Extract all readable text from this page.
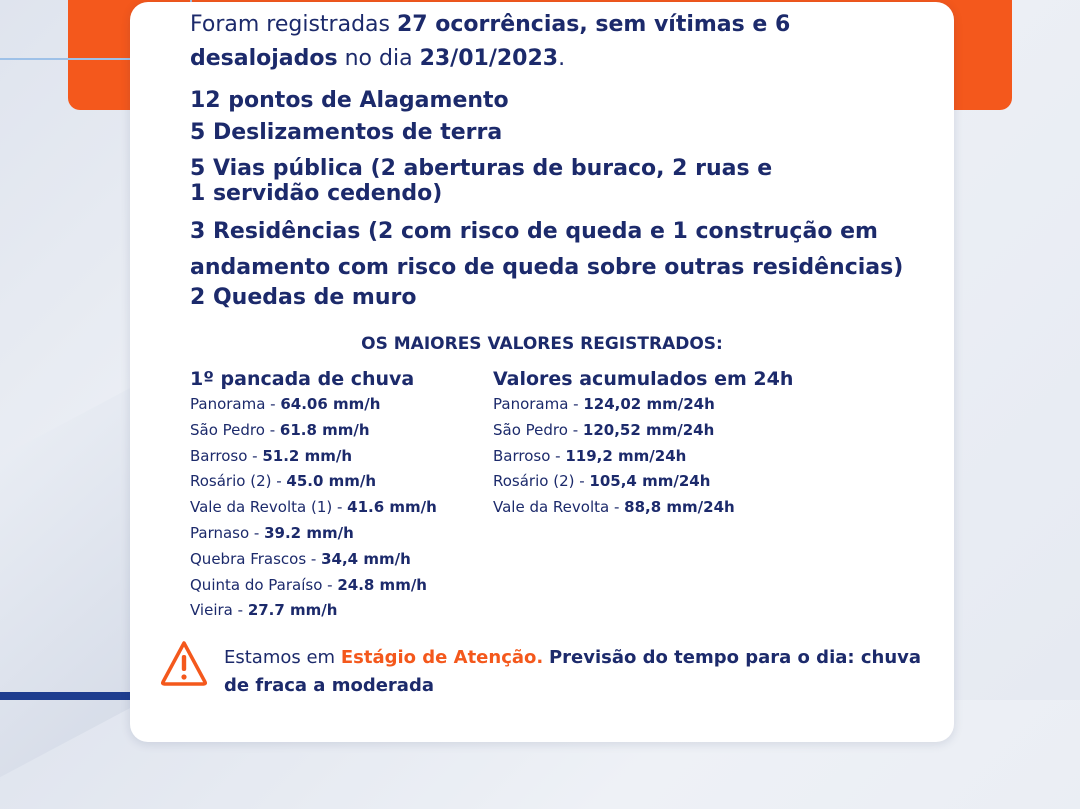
Foram registradas 27 ocorrências, sem vítimas e 6 desalojados no dia 23/01/2023.
12 pontos de Alagamento
5 Deslizamentos de terra
5 Vias pública (2 aberturas de buraco, 2 ruas e 1 servidão cedendo)
3 Residências (2 com risco de queda e 1 construção em andamento com risco de queda sobre outras residências)
2 Quedas de muro
OS MAIORES VALORES REGISTRADOS:
1º pancada de chuva
Panorama - 64.06 mm/h
São Pedro - 61.8 mm/h
Barroso - 51.2 mm/h
Rosário (2) - 45.0 mm/h
Vale da Revolta (1) - 41.6 mm/h
Parnaso - 39.2 mm/h
Quebra Frascos - 34,4 mm/h
Quinta do Paraíso - 24.8 mm/h
Vieira - 27.7 mm/h
Valores acumulados em 24h
Panorama - 124,02 mm/24h
São Pedro - 120,52 mm/24h
Barroso - 119,2 mm/24h
Rosário (2) - 105,4 mm/24h
Vale da Revolta - 88,8 mm/24h
Estamos em Estágio de Atenção. Previsão do tempo para o dia: chuva de fraca a moderada
